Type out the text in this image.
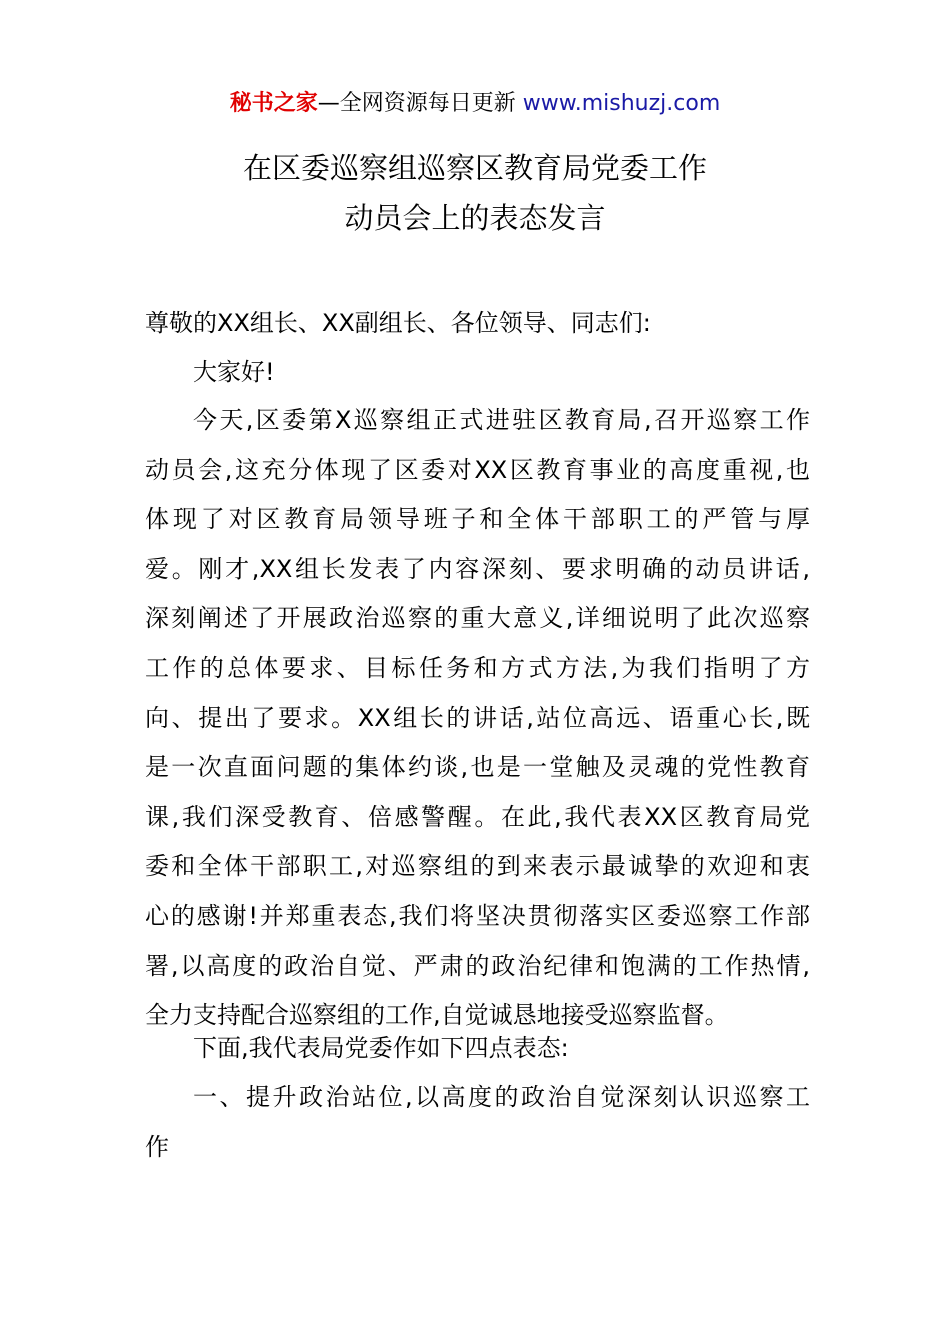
秘书之家—全网资源每日更新 www.mishuzj.com
在区委巡察组巡察区教育局党委工作
动员会上的表态发言
尊敬的XX组长、XX副组长、各位领导、同志们:
大家好!
今天,区委第X巡察组正式进驻区教育局,召开巡察工作
动员会,这充分体现了区委对XX区教育事业的高度重视,也
体现了对区教育局领导班子和全体干部职工的严管与厚
爱。刚才,XX组长发表了内容深刻、要求明确的动员讲话,
深刻阐述了开展政治巡察的重大意义,详细说明了此次巡察
工作的总体要求、目标任务和方式方法,为我们指明了方
向、提出了要求。XX组长的讲话,站位高远、语重心长,既
是一次直面问题的集体约谈,也是一堂触及灵魂的党性教育
课,我们深受教育、倍感警醒。在此,我代表XX区教育局党
委和全体干部职工,对巡察组的到来表示最诚挚的欢迎和衷
心的感谢!并郑重表态,我们将坚决贯彻落实区委巡察工作部
署,以高度的政治自觉、严肃的政治纪律和饱满的工作热情,
全力支持配合巡察组的工作,自觉诚恳地接受巡察监督。
下面,我代表局党委作如下四点表态:
一、提升政治站位,以高度的政治自觉深刻认识巡察工
作
